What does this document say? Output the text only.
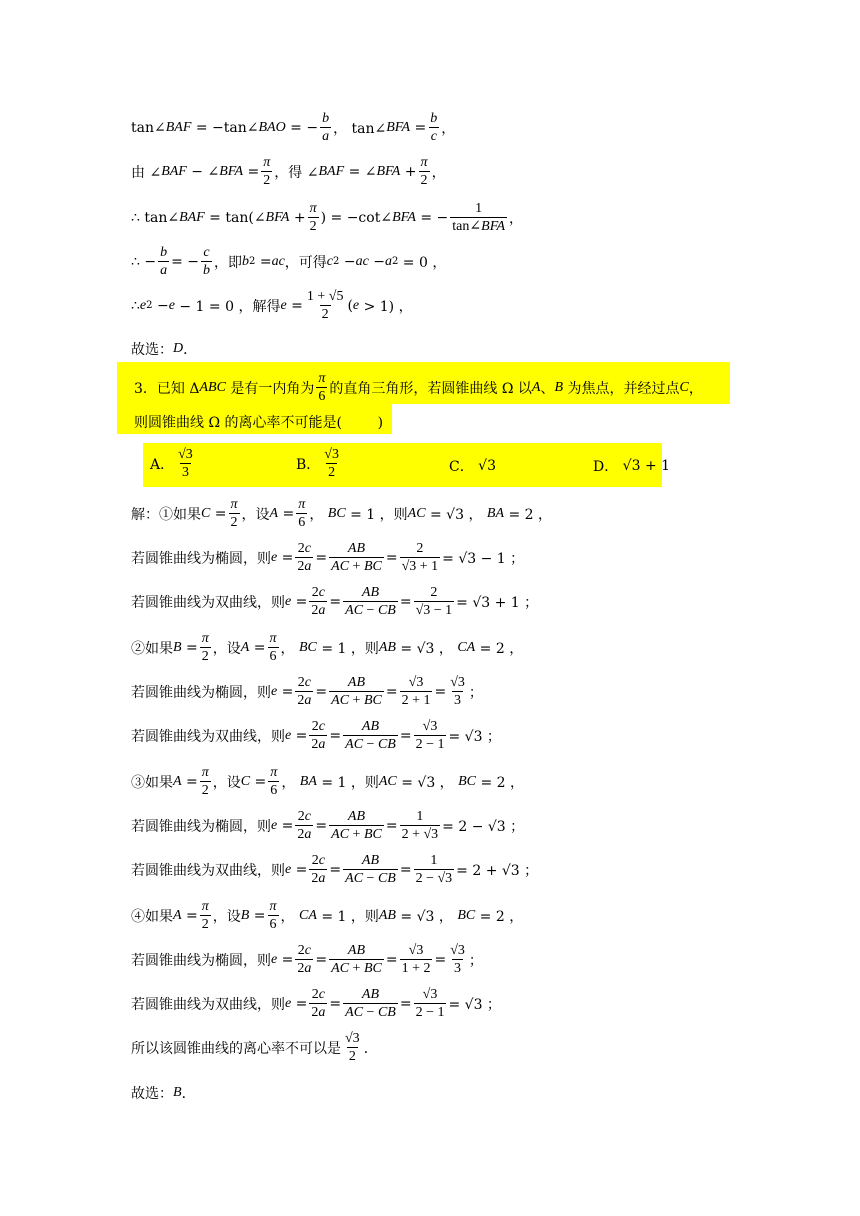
tan∠ BAF = −tan∠ BAO = − $\frac{b}{a}$ ， tan∠ BFA = $\frac{b}{c}$ ，
由 ∠ BAF − ∠ BFA = $\frac{\pi}{2}$ ，得 ∠ BAF = ∠ BFA + $\frac{\pi}{2}$ ，
∴ tan∠ BAF = tan(∠ BFA + $\frac{\pi}{2}$ ) = −cot∠ BFA = − $\frac{1}{\text{tan∠BFA}}$ ，
∴ − $\frac{b}{a}$ = − $\frac{c}{b}$ ，即 b 2 = ac ，可得 c 2 − ac − a 2 = 0 ，
∴ e 2 − e − 1 = 0 ，解得 $e = \frac{1 + √5}{2}$ ( e > 1) ，
故选： D ．
3．已知 Δ ABC 是有一内角为 $\frac{\pi}{6}$ 的直角三角形，若圆锥曲线 Ω 以 A 、 B 为焦点，并经过点 C ，
则圆锥曲线 Ω 的离心率不可能是(        )
A． $\frac{√3}{3}$	B． $\frac{√3}{2}$	C． √3	D． √3 + 1
解：①如果 $C = \frac{\pi}{2}$ ，设 $A = \frac{\pi}{6}$ ， BC = 1 ，则 AC = √3 ， BA = 2 ，
若圆锥曲线为椭圆，则 $e = \frac{2c}{2a} = \frac{AB}{AC + BC} = \frac{2}{√3 + 1} = √3 - 1$ ；
若圆锥曲线为双曲线，则 $e = \frac{2c}{2a} = \frac{AB}{AC - CB} = \frac{2}{√3 - 1} = √3 + 1$ ；
②如果 $B = \frac{\pi}{2}$ ，设 $A = \frac{\pi}{6}$ ， BC = 1 ，则 AB = √3 ， CA = 2 ，
若圆锥曲线为椭圆，则 $e = \frac{2c}{2a} = \frac{AB}{AC + BC} = \frac{√3}{2 + 1} = \frac{√3}{3}$ ；
若圆锥曲线为双曲线，则 $e = \frac{2c}{2a} = \frac{AB}{AC - CB} = \frac{√3}{2 - 1} = √3$ ；
③如果 $A = \frac{\pi}{2}$ ，设 $C = \frac{\pi}{6}$ ， BA = 1 ，则 AC = √3 ， BC = 2 ，
若圆锥曲线为椭圆，则 $e = \frac{2c}{2a} = \frac{AB}{AC + BC} = \frac{1}{2 + √3} = 2 - √3$ ；
若圆锥曲线为双曲线，则 $e = \frac{2c}{2a} = \frac{AB}{AC - CB} = \frac{1}{2 - √3} = 2 + √3$ ；
④如果 $A = \frac{\pi}{2}$ ，设 $B = \frac{\pi}{6}$ ， CA = 1 ，则 AB = √3 ， BC = 2 ，
若圆锥曲线为椭圆，则 $e = \frac{2c}{2a} = \frac{AB}{AC + BC} = \frac{√3}{1 + 2} = \frac{√3}{3}$ ；
若圆锥曲线为双曲线，则 $e = \frac{2c}{2a} = \frac{AB}{AC - CB} = \frac{√3}{2 - 1} = √3$ ；
所以该圆锥曲线的离心率不可以是 $\frac{√3}{2}$ ．
故选： B ．
